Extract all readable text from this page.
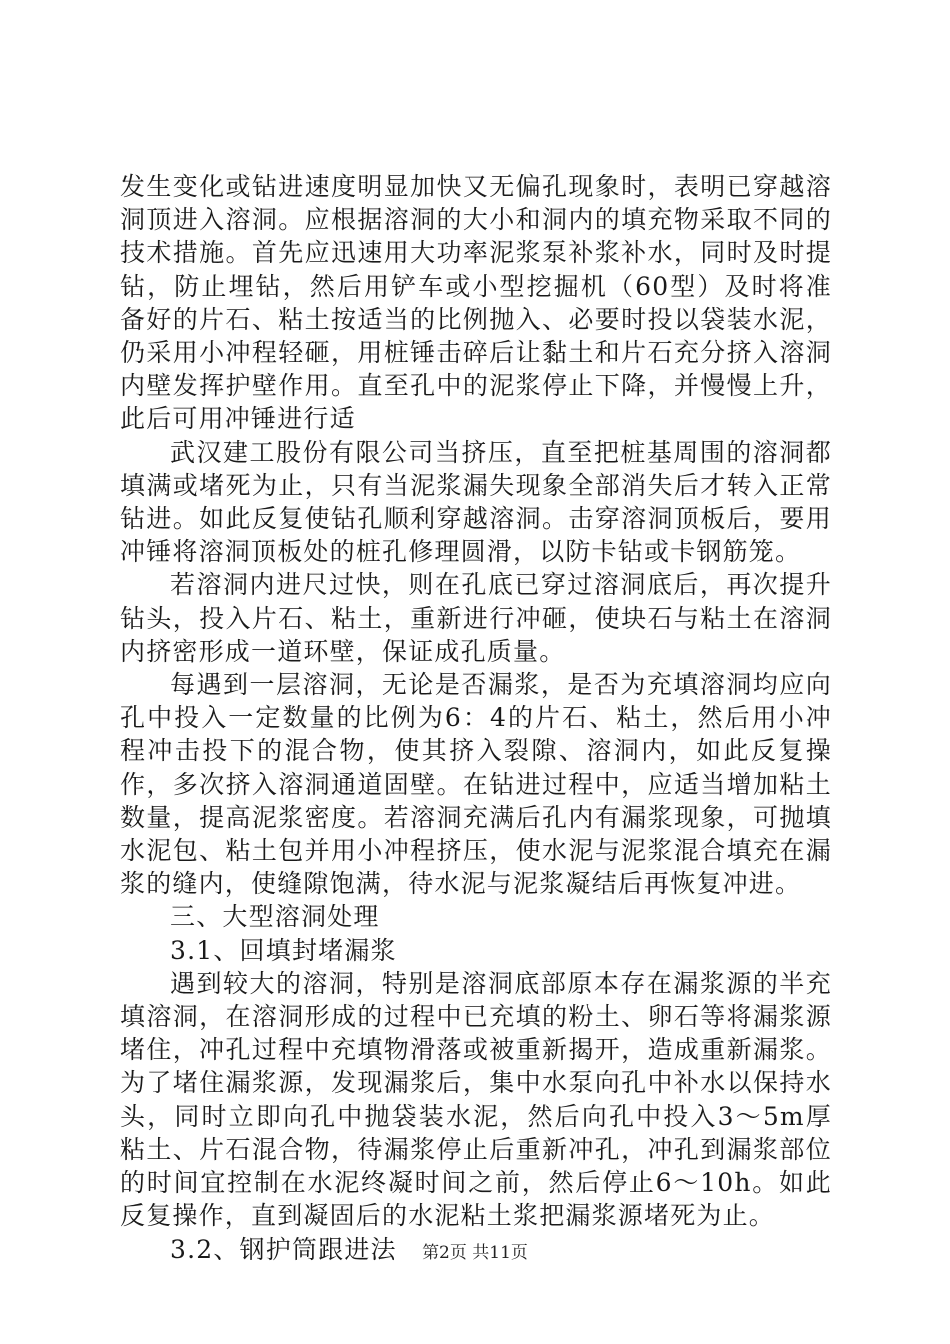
发生变化或钻进速度明显加快又无偏孔现象时，表明已穿越溶洞顶进入溶洞。应根据溶洞的大小和洞内的填充物采取不同的技术措施。首先应迅速用大功率泥浆泵补浆补水，同时及时提钻，防止埋钻，然后用铲车或小型挖掘机（60型）及时将准备好的片石、粘土按适当的比例抛入、必要时投以袋装水泥，仍采用小冲程轻砸，用桩锤击碎后让黏土和片石充分挤入溶洞内壁发挥护壁作用。直至孔中的泥浆停止下降，并慢慢上升，此后可用冲锤进行适

武汉建工股份有限公司当挤压，直至把桩基周围的溶洞都填满或堵死为止，只有当泥浆漏失现象全部消失后才转入正常钻进。如此反复使钻孔顺利穿越溶洞。击穿溶洞顶板后，要用冲锤将溶洞顶板处的桩孔修理圆滑，以防卡钻或卡钢筋笼。

若溶洞内进尺过快，则在孔底已穿过溶洞底后，再次提升钻头，投入片石、粘土，重新进行冲砸，使块石与粘土在溶洞内挤密形成一道环壁，保证成孔质量。

每遇到一层溶洞，无论是否漏浆，是否为充填溶洞均应向孔中投入一定数量的比例为6：4的片石、粘土，然后用小冲程冲击投下的混合物，使其挤入裂隙、溶洞内，如此反复操作，多次挤入溶洞通道固壁。在钻进过程中，应适当增加粘土数量，提高泥浆密度。若溶洞充满后孔内有漏浆现象，可抛填水泥包、粘土包并用小冲程挤压，使水泥与泥浆混合填充在漏浆的缝内，使缝隙饱满，待水泥与泥浆凝结后再恢复冲进。

三、大型溶洞处理

3.1、回填封堵漏浆

遇到较大的溶洞，特别是溶洞底部原本存在漏浆源的半充填溶洞，在溶洞形成的过程中已充填的粉土、卵石等将漏浆源堵住，冲孔过程中充填物滑落或被重新揭开，造成重新漏浆。为了堵住漏浆源，发现漏浆后，集中水泵向孔中补水以保持水头，同时立即向孔中抛袋装水泥，然后向孔中投入3～5m厚粘土、片石混合物，待漏浆停止后重新冲孔，冲孔到漏浆部位的时间宜控制在水泥终凝时间之前，然后停止6～10h。如此反复操作，直到凝固后的水泥粘土浆把漏浆源堵死为止。

3.2、钢护筒跟进法	第2页 共11页
